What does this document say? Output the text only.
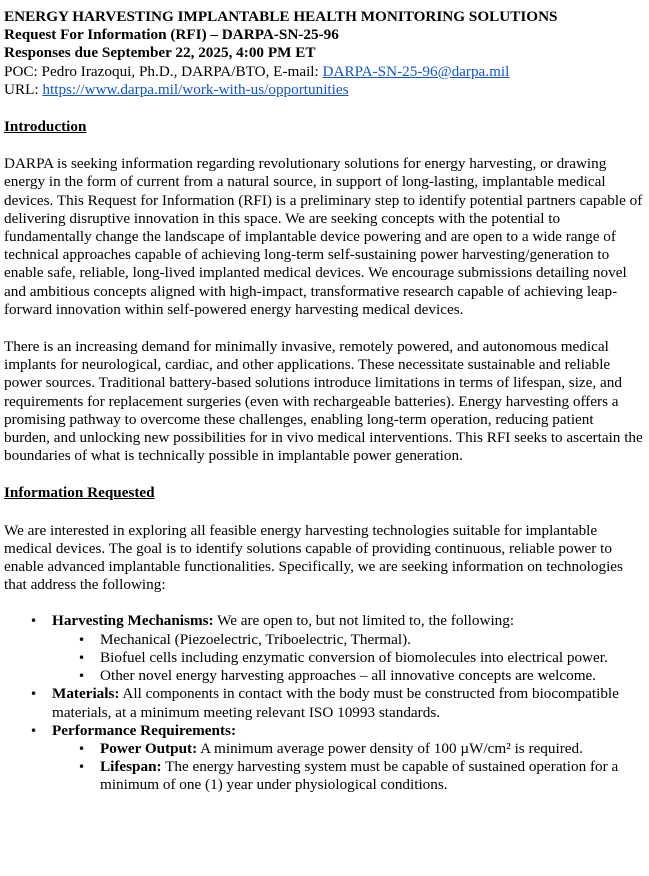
ENERGY HARVESTING IMPLANTABLE HEALTH MONITORING SOLUTIONS
Request For Information (RFI) – DARPA-SN-25-96
Responses due September 22, 2025, 4:00 PM ET
POC: Pedro Irazoqui, Ph.D., DARPA/BTO, E-mail: DARPA-SN-25-96@darpa.mil
URL: https://www.darpa.mil/work-with-us/opportunities
Introduction

DARPA is seeking information regarding revolutionary solutions for energy harvesting, or drawing energy in the form of current from a natural source, in support of long-lasting, implantable medical devices. This Request for Information (RFI) is a preliminary step to identify potential partners capable of delivering disruptive innovation in this space. We are seeking concepts with the potential to fundamentally change the landscape of implantable device powering and are open to a wide range of technical approaches capable of achieving long-term self-sustaining power harvesting/generation to enable safe, reliable, long-lived implanted medical devices. We encourage submissions detailing novel and ambitious concepts aligned with high-impact, transformative research capable of achieving leap-forward innovation within self-powered energy harvesting medical devices.

There is an increasing demand for minimally invasive, remotely powered, and autonomous medical implants for neurological, cardiac, and other applications. These necessitate sustainable and reliable power sources. Traditional battery-based solutions introduce limitations in terms of lifespan, size, and requirements for replacement surgeries (even with rechargeable batteries). Energy harvesting offers a promising pathway to overcome these challenges, enabling long-term operation, reducing patient burden, and unlocking new possibilities for in vivo medical interventions. This RFI seeks to ascertain the boundaries of what is technically possible in implantable power generation.

Information Requested

We are interested in exploring all feasible energy harvesting technologies suitable for implantable medical devices. The goal is to identify solutions capable of providing continuous, reliable power to enable advanced implantable functionalities. Specifically, we are seeking information on technologies that address the following:

• Harvesting Mechanisms: We are open to, but not limited to, the following:
• Mechanical (Piezoelectric, Triboelectric, Thermal).
• Biofuel cells including enzymatic conversion of biomolecules into electrical power.
• Other novel energy harvesting approaches – all innovative concepts are welcome.
• Materials: All components in contact with the body must be constructed from biocompatible materials, at a minimum meeting relevant ISO 10993 standards.
• Performance Requirements:
• Power Output: A minimum average power density of 100 µW/cm² is required.
• Lifespan: The energy harvesting system must be capable of sustained operation for a minimum of one (1) year under physiological conditions.
